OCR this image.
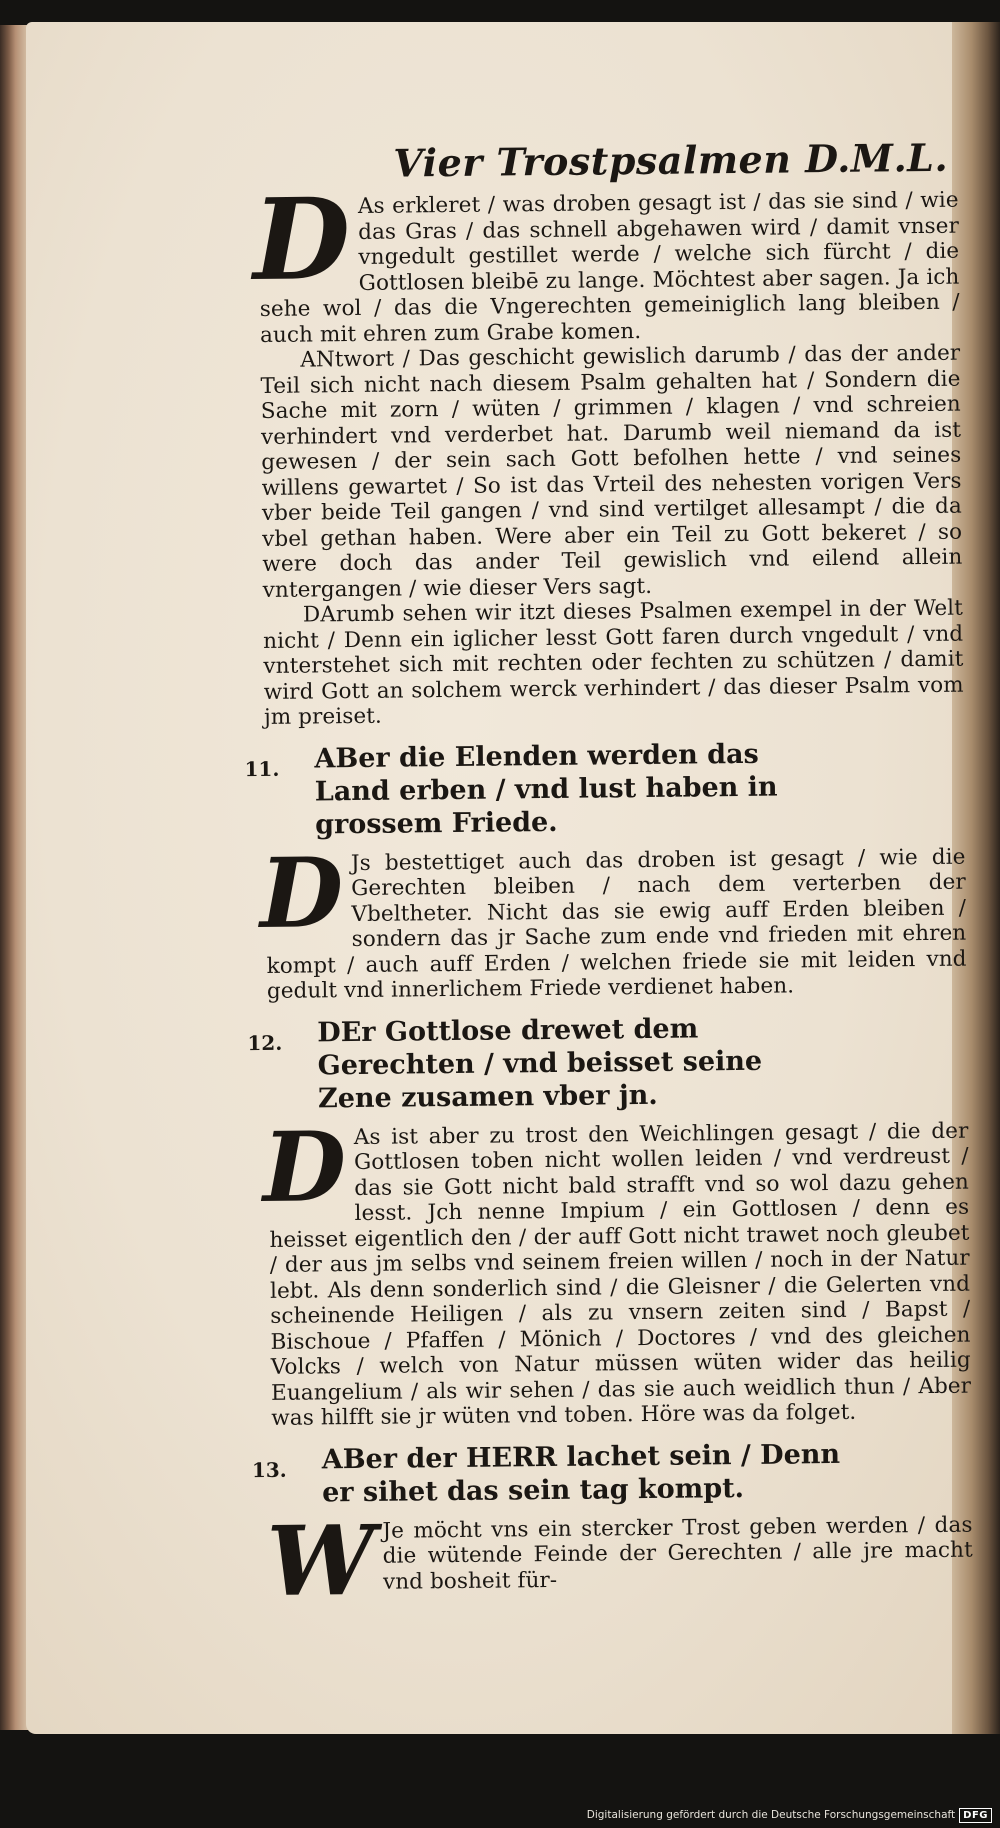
Vier Trostpsalmen D.M.L.

D As erkleret / was droben gesagt ist / das sie sind / wie das Gras / das schnell abgehawen wird / damit vnser vngedult gestillet werde / welche sich fürcht / die Gottlosen bleibē zu lange. Möchtest aber sagen. Ja ich sehe wol / das die Vngerechten gemeiniglich lang bleiben / auch mit ehren zum Grabe komen.

ANtwort / Das geschicht gewislich darumb / das der ander Teil sich nicht nach diesem Psalm gehalten hat / Sondern die Sache mit zorn / wüten / grimmen / klagen / vnd schreien verhindert vnd verderbet hat. Darumb weil niemand da ist gewesen / der sein sach Gott befolhen hette / vnd seines willens gewartet / So ist das Vrteil des nehesten vorigen Vers vber beide Teil gangen / vnd sind vertilget allesampt / die da vbel gethan haben. Were aber ein Teil zu Gott bekeret / so were doch das ander Teil gewislich vnd eilend allein vntergangen / wie dieser Vers sagt.

DArumb sehen wir itzt dieses Psalmen exempel in der Welt nicht / Denn ein iglicher lesst Gott faren durch vngedult / vnd vnterstehet sich mit rechten oder fechten zu schützen / damit wird Gott an solchem werck verhindert / das dieser Psalm vom jm preiset.

11.	ABer die Elenden werden das Land erben / vnd lust haben in grossem Friede.

D Js bestettiget auch das droben ist gesagt / wie die Gerechten bleiben / nach dem verterben der Vbeltheter. Nicht das sie ewig auff Erden bleiben / sondern das jr Sache zum ende vnd frieden mit ehren kompt / auch auff Erden / welchen friede sie mit leiden vnd gedult vnd innerlichem Friede verdienet haben.

12.	DEr Gottlose drewet dem Gerechten / vnd beisset seine Zene zusamen vber jn.

D As ist aber zu trost den Weichlingen gesagt / die der Gottlosen toben nicht wollen leiden / vnd verdreust / das sie Gott nicht bald strafft vnd so wol dazu gehen lesst. Jch nenne Impium / ein Gottlosen / denn es heisset eigentlich den / der auff Gott nicht trawet noch gleubet / der aus jm selbs vnd seinem freien willen / noch in der Natur lebt. Als denn sonderlich sind / die Gleisner / die Gelerten vnd scheinende Heiligen / als zu vnsern zeiten sind / Bapst / Bischoue / Pfaffen / Mönich / Doctores / vnd des gleichen Volcks / welch von Natur müssen wüten wider das heilig Euangelium / als wir sehen / das sie auch weidlich thun / Aber was hilfft sie jr wüten vnd toben. Höre was da folget.

13.	ABer der HERR lachet sein / Denn er sihet das sein tag kompt.

W Je möcht vns ein stercker Trost geben werden / das die wütende Feinde der Gerechten / alle jre macht vnd bosheit für-

Digitalisierung gefördert durch die Deutsche Forschungsgemeinschaft DFG
